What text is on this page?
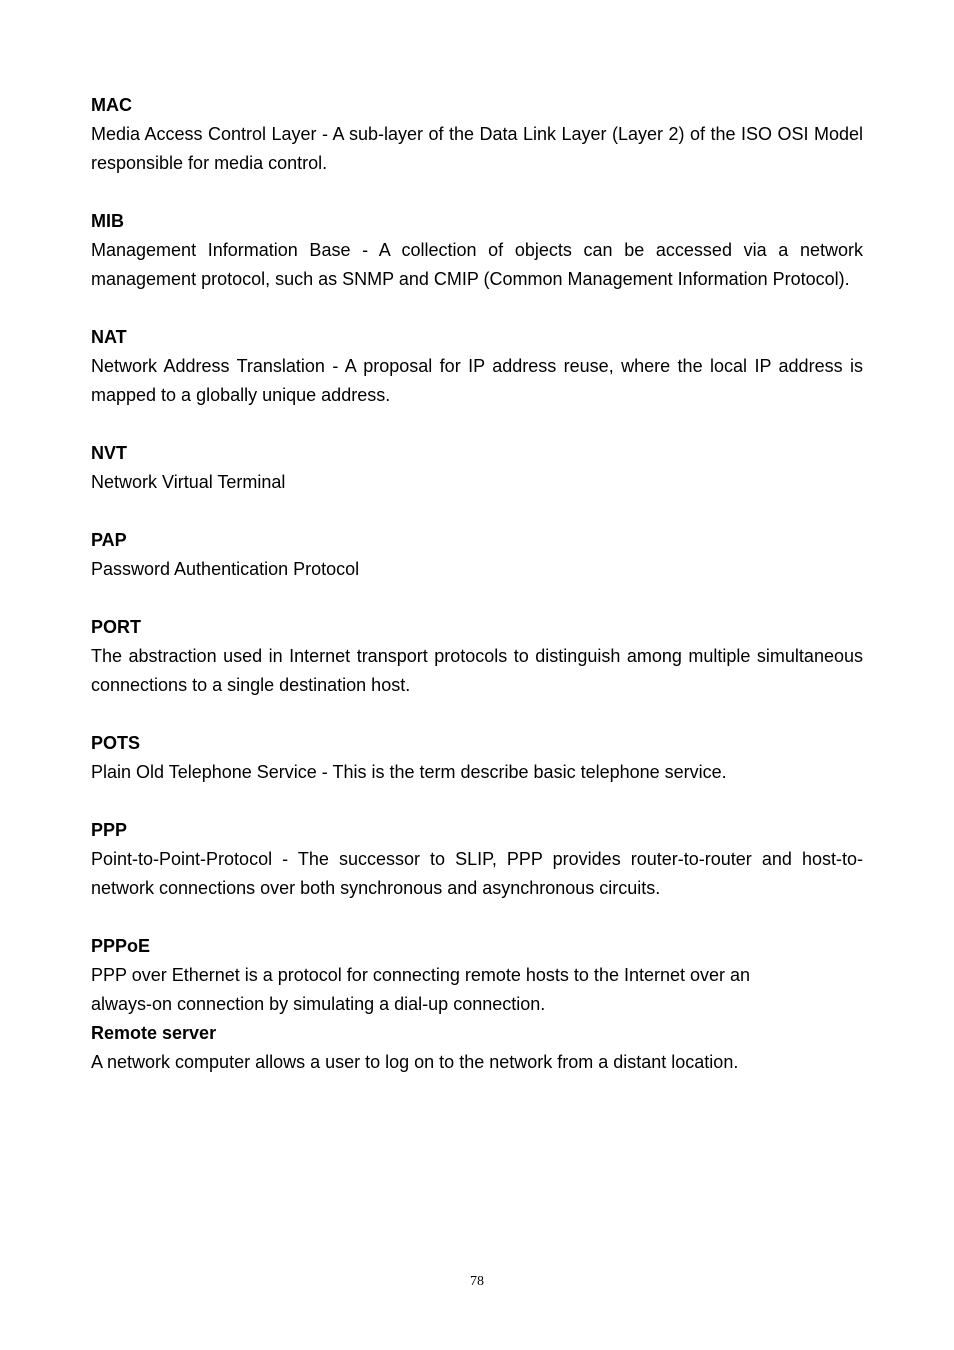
MAC

Media Access Control Layer - A sub-layer of the Data Link Layer (Layer 2) of the ISO OSI Model responsible for media control.

MIB

Management Information Base - A collection of objects can be accessed via a network management protocol, such as SNMP and CMIP (Common Management Information Protocol).

NAT

Network Address Translation - A proposal for IP address reuse, where the local IP address is mapped to a globally unique address.

NVT

Network Virtual Terminal

PAP

Password Authentication Protocol

PORT

The abstraction used in Internet transport protocols to distinguish among multiple simultaneous connections to a single destination host.

POTS

Plain Old Telephone Service - This is the term describe basic telephone service.

PPP

Point-to-Point-Protocol - The successor to SLIP, PPP provides router-to-router and host-to-network connections over both synchronous and asynchronous circuits.

PPPoE

PPP over Ethernet is a protocol for connecting remote hosts to the Internet over an

always-on connection by simulating a dial-up connection.

Remote server

A network computer allows a user to log on to the network from a distant location.

78
